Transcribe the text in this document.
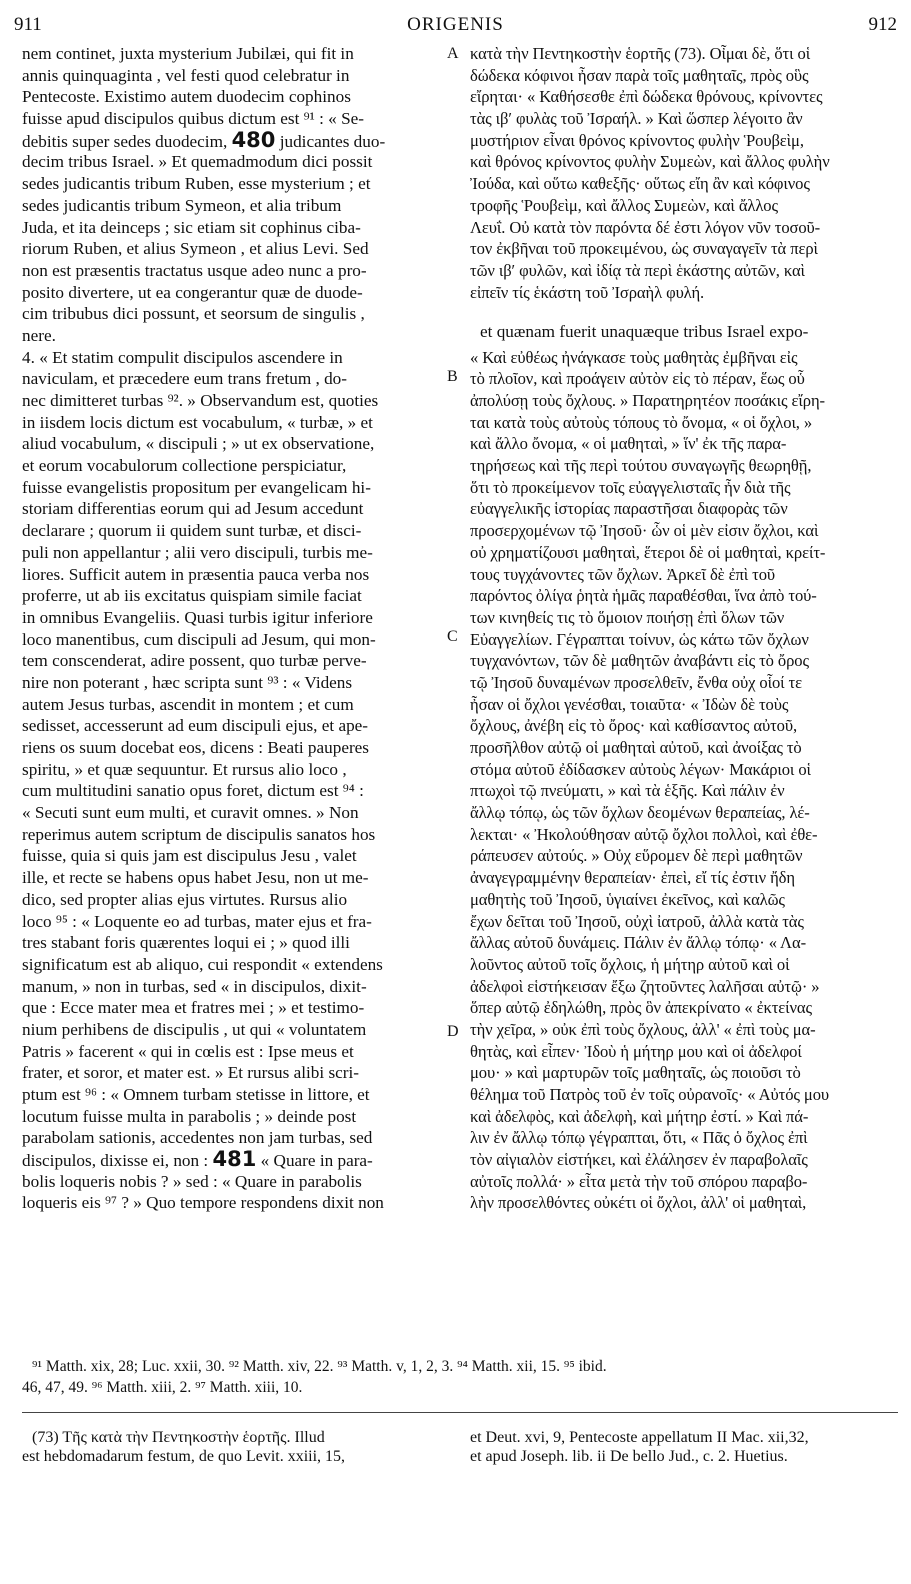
911	ORIGENIS	912
nem continet, juxta mysterium Jubilæi, qui fit in
annis quinquaginta , vel festi quod celebratur in
Pentecoste. Existimo autem duodecim cophinos
fuisse apud discipulos quibus dictum est ⁹¹ : « Se-
debitis super sedes duodecim, 480 judicantes duo-
decim tribus Israel. » Et quemadmodum dici possit
sedes judicantis tribum Ruben, esse mysterium ; et
sedes judicantis tribum Symeon, et alia tribum
Juda, et ita deinceps ; sic etiam sit cophinus ciba-
riorum Ruben, et alius Symeon , et alius Levi. Sed
non est præsentis tractatus usque adeo nunc a pro-
posito divertere, ut ea congerantur quæ de duode-
cim tribubus dici possunt, et seorsum de singulis ,
nere.
4. « Et statim compulit discipulos ascendere in
naviculam, et præcedere eum trans fretum , do-
nec dimitteret turbas ⁹². » Observandum est, quoties
in iisdem locis dictum est vocabulum, « turbæ, » et
aliud vocabulum, « discipuli ; » ut ex observatione,
et eorum vocabulorum collectione perspiciatur,
fuisse evangelistis propositum per evangelicam hi-
storiam differentias eorum qui ad Jesum accedunt
declarare ; quorum ii quidem sunt turbæ, et disci-
puli non appellantur ; alii vero discipuli, turbis me-
liores. Sufficit autem in præsentia pauca verba nos
proferre, ut ab iis excitatus quispiam simile faciat
in omnibus Evangeliis. Quasi turbis igitur inferiore
loco manentibus, cum discipuli ad Jesum, qui mon-
tem conscenderat, adire possent, quo turbæ perve-
nire non poterant , hæc scripta sunt ⁹³ : « Videns
autem Jesus turbas, ascendit in montem ; et cum
sedisset, accesserunt ad eum discipuli ejus, et ape-
riens os suum docebat eos, dicens : Beati pauperes
spiritu, » et quæ sequuntur. Et rursus alio loco ,
cum multitudini sanatio opus foret, dictum est ⁹⁴ :
« Secuti sunt eum multi, et curavit omnes. » Non
reperimus autem scriptum de discipulis sanatos hos
fuisse, quia si quis jam est discipulus Jesu , valet
ille, et recte se habens opus habet Jesu, non ut me-
dico, sed propter alias ejus virtutes. Rursus alio
loco ⁹⁵ : « Loquente eo ad turbas, mater ejus et fra-
tres stabant foris quærentes loqui ei ; » quod illi
significatum est ab aliquo, cui respondit « extendens
manum, » non in turbas, sed « in discipulos, dixit-
que : Ecce mater mea et fratres mei ; » et testimo-
nium perhibens de discipulis , ut qui « voluntatem
Patris » facerent « qui in cœlis est : Ipse meus et
frater, et soror, et mater est. » Et rursus alibi scri-
ptum est ⁹⁶ : « Omnem turbam stetisse in littore, et
locutum fuisse multa in parabolis ; » deinde post
parabolam sationis, accedentes non jam turbas, sed
discipulos, dixisse ei, non : 481 « Quare in para-
bolis loqueris nobis ? » sed : « Quare in parabolis
loqueris eis ⁹⁷ ? » Quo tempore respondens dixit non
κατὰ τὴν Πεντηκοστὴν ἑορτῆς (73). Οἶμαι δὲ, ὅτι οἱ
δώδεκα κόφινοι ἦσαν παρὰ τοῖς μαθηταῖς, πρὸς οὓς
εἴρηται· « Καθήσεσθε ἐπὶ δώδεκα θρόνους, κρίνοντες
τὰς ιβʹ φυλὰς τοῦ Ἰσραήλ. » Καὶ ὥσπερ λέγοιτο ἂν
μυστήριον εἶναι θρόνος κρίνοντος φυλὴν Ῥουβεὶμ,
καὶ θρόνος κρίνοντος φυλὴν Συμεὼν, καὶ ἄλλος φυλὴν
Ἰούδα, καὶ οὕτω καθεξῆς· οὕτως εἴη ἂν καὶ κόφινος
τροφῆς Ῥουβεὶμ, καὶ ἄλλος Συμεὼν, καὶ ἄλλος
Λευΐ. Οὐ κατὰ τὸν παρόντα δέ ἐστι λόγον νῦν τοσοῦ-
τον ἐκβῆναι τοῦ προκειμένου, ὡς συναγαγεῖν τὰ περὶ
τῶν ιβʹ φυλῶν, καὶ ἰδίᾳ τὰ περὶ ἑκάστης αὐτῶν, καὶ
εἰπεῖν τίς ἑκάστη τοῦ Ἰσραὴλ φυλή.

« Καὶ εὐθέως ἠνάγκασε τοὺς μαθητὰς ἐμβῆναι εἰς
τὸ πλοῖον, καὶ προάγειν αὐτὸν εἰς τὸ πέραν, ἕως οὗ
ἀπολύσῃ τοὺς ὄχλους. » Παρατηρητέον ποσάκις εἴρη-
ται κατὰ τοὺς αὐτοὺς τόπους τὸ ὄνομα, « οἱ ὄχλοι, »
καὶ ἄλλο ὄνομα, « οἱ μαθηταὶ, » ἵν' ἐκ τῆς παρα-
τηρήσεως καὶ τῆς περὶ τούτου συναγωγῆς θεωρηθῇ,
ὅτι τὸ προκείμενον τοῖς εὐαγγελισταῖς ἦν διὰ τῆς
εὐαγγελικῆς ἱστορίας παραστῆσαι διαφορὰς τῶν
προσερχομένων τῷ Ἰησοῦ· ὧν οἱ μὲν εἰσιν ὄχλοι, καὶ
οὐ χρηματίζουσι μαθηταὶ, ἕτεροι δὲ οἱ μαθηταὶ, κρείτ-
τους τυγχάνοντες τῶν ὄχλων. Ἀρκεῖ δὲ ἐπὶ τοῦ
παρόντος ὀλίγα ῥητὰ ἡμᾶς παραθέσθαι, ἵνα ἀπὸ τού-
των κινηθείς τις τὸ ὅμοιον ποιήσῃ ἐπὶ ὅλων τῶν
Εὐαγγελίων. Γέγραπται τοίνυν, ὡς κάτω τῶν ὄχλων
τυγχανόντων, τῶν δὲ μαθητῶν ἀναβάντι εἰς τὸ ὄρος
τῷ Ἰησοῦ δυναμένων προσελθεῖν, ἔνθα οὐχ οἷοί τε
ἦσαν οἱ ὄχλοι γενέσθαι, τοιαῦτα· « Ἰδὼν δὲ τοὺς
ὄχλους, ἀνέβη εἰς τὸ ὄρος· καὶ καθίσαντος αὐτοῦ,
προσῆλθον αὐτῷ οἱ μαθηταὶ αὐτοῦ, καὶ ἀνοίξας τὸ
στόμα αὐτοῦ ἐδίδασκεν αὐτοὺς λέγων· Μακάριοι οἱ
πτωχοὶ τῷ πνεύματι, » καὶ τὰ ἑξῆς. Καὶ πάλιν ἐν
ἄλλῳ τόπῳ, ὡς τῶν ὄχλων δεομένων θεραπείας, λέ-
λεκται· « Ἠκολούθησαν αὐτῷ ὄχλοι πολλοὶ, καὶ ἐθε-
ράπευσεν αὐτούς. » Οὐχ εὕρομεν δὲ περὶ μαθητῶν
ἀναγεγραμμένην θεραπείαν· ἐπεὶ, εἴ τίς ἐστιν ἤδη
μαθητὴς τοῦ Ἰησοῦ, ὑγιαίνει ἐκεῖνος, καὶ καλῶς
ἔχων δεῖται τοῦ Ἰησοῦ, οὐχὶ ἰατροῦ, ἀλλὰ κατὰ τὰς
ἄλλας αὐτοῦ δυνάμεις. Πάλιν ἐν ἄλλῳ τόπῳ· « Λα-
λοῦντος αὐτοῦ τοῖς ὄχλοις, ἡ μήτηρ αὐτοῦ καὶ οἱ
ἀδελφοὶ εἱστήκεισαν ἔξω ζητοῦντες λαλῆσαι αὐτῷ· »
ὅπερ αὐτῷ ἐδηλώθη, πρὸς ὃν ἀπεκρίνατο « ἐκτείνας
τὴν χεῖρα, » οὐκ ἐπὶ τοὺς ὄχλους, ἀλλ' « ἐπὶ τοὺς μα-
θητὰς, καὶ εἶπεν· Ἰδοὺ ἡ μήτηρ μου καὶ οἱ ἀδελφοί
μου· » καὶ μαρτυρῶν τοῖς μαθηταῖς, ὡς ποιοῦσι τὸ
θέλημα τοῦ Πατρὸς τοῦ ἐν τοῖς οὐρανοῖς· « Αὐτός μου
καὶ ἀδελφὸς, καὶ ἀδελφὴ, καὶ μήτηρ ἐστί. » Καὶ πά-
λιν ἐν ἄλλῳ τόπῳ γέγραπται, ὅτι, « Πᾶς ὁ ὄχλος ἐπὶ
τὸν αἰγιαλὸν εἱστήκει, καὶ ἐλάλησεν ἐν παραβολαῖς
αὐτοῖς πολλά· » εἶτα μετὰ τὴν τοῦ σπόρου παραβο-
λὴν προσελθόντες οὐκέτι οἱ ὄχλοι, ἀλλ' οἱ μαθηταὶ,
A
B
C
D
et quænam fuerit unaquæque tribus Israel expo-
⁹¹ Matth. xix, 28; Luc. xxii, 30. ⁹² Matth. xiv, 22. ⁹³ Matth. v, 1, 2, 3. ⁹⁴ Matth. xii, 15. ⁹⁵ ibid.
46, 47, 49. ⁹⁶ Matth. xiii, 2. ⁹⁷ Matth. xiii, 10.
(73) Τῆς κατὰ τὴν Πεντηκοστὴν ἑορτῆς. Illud
est hebdomadarum festum, de quo Levit. xxiii, 15,
et Deut. xvi, 9, Pentecoste appellatum II Mac. xii,32,
et apud Joseph. lib. ii De bello Jud., c. 2. Huetius.
